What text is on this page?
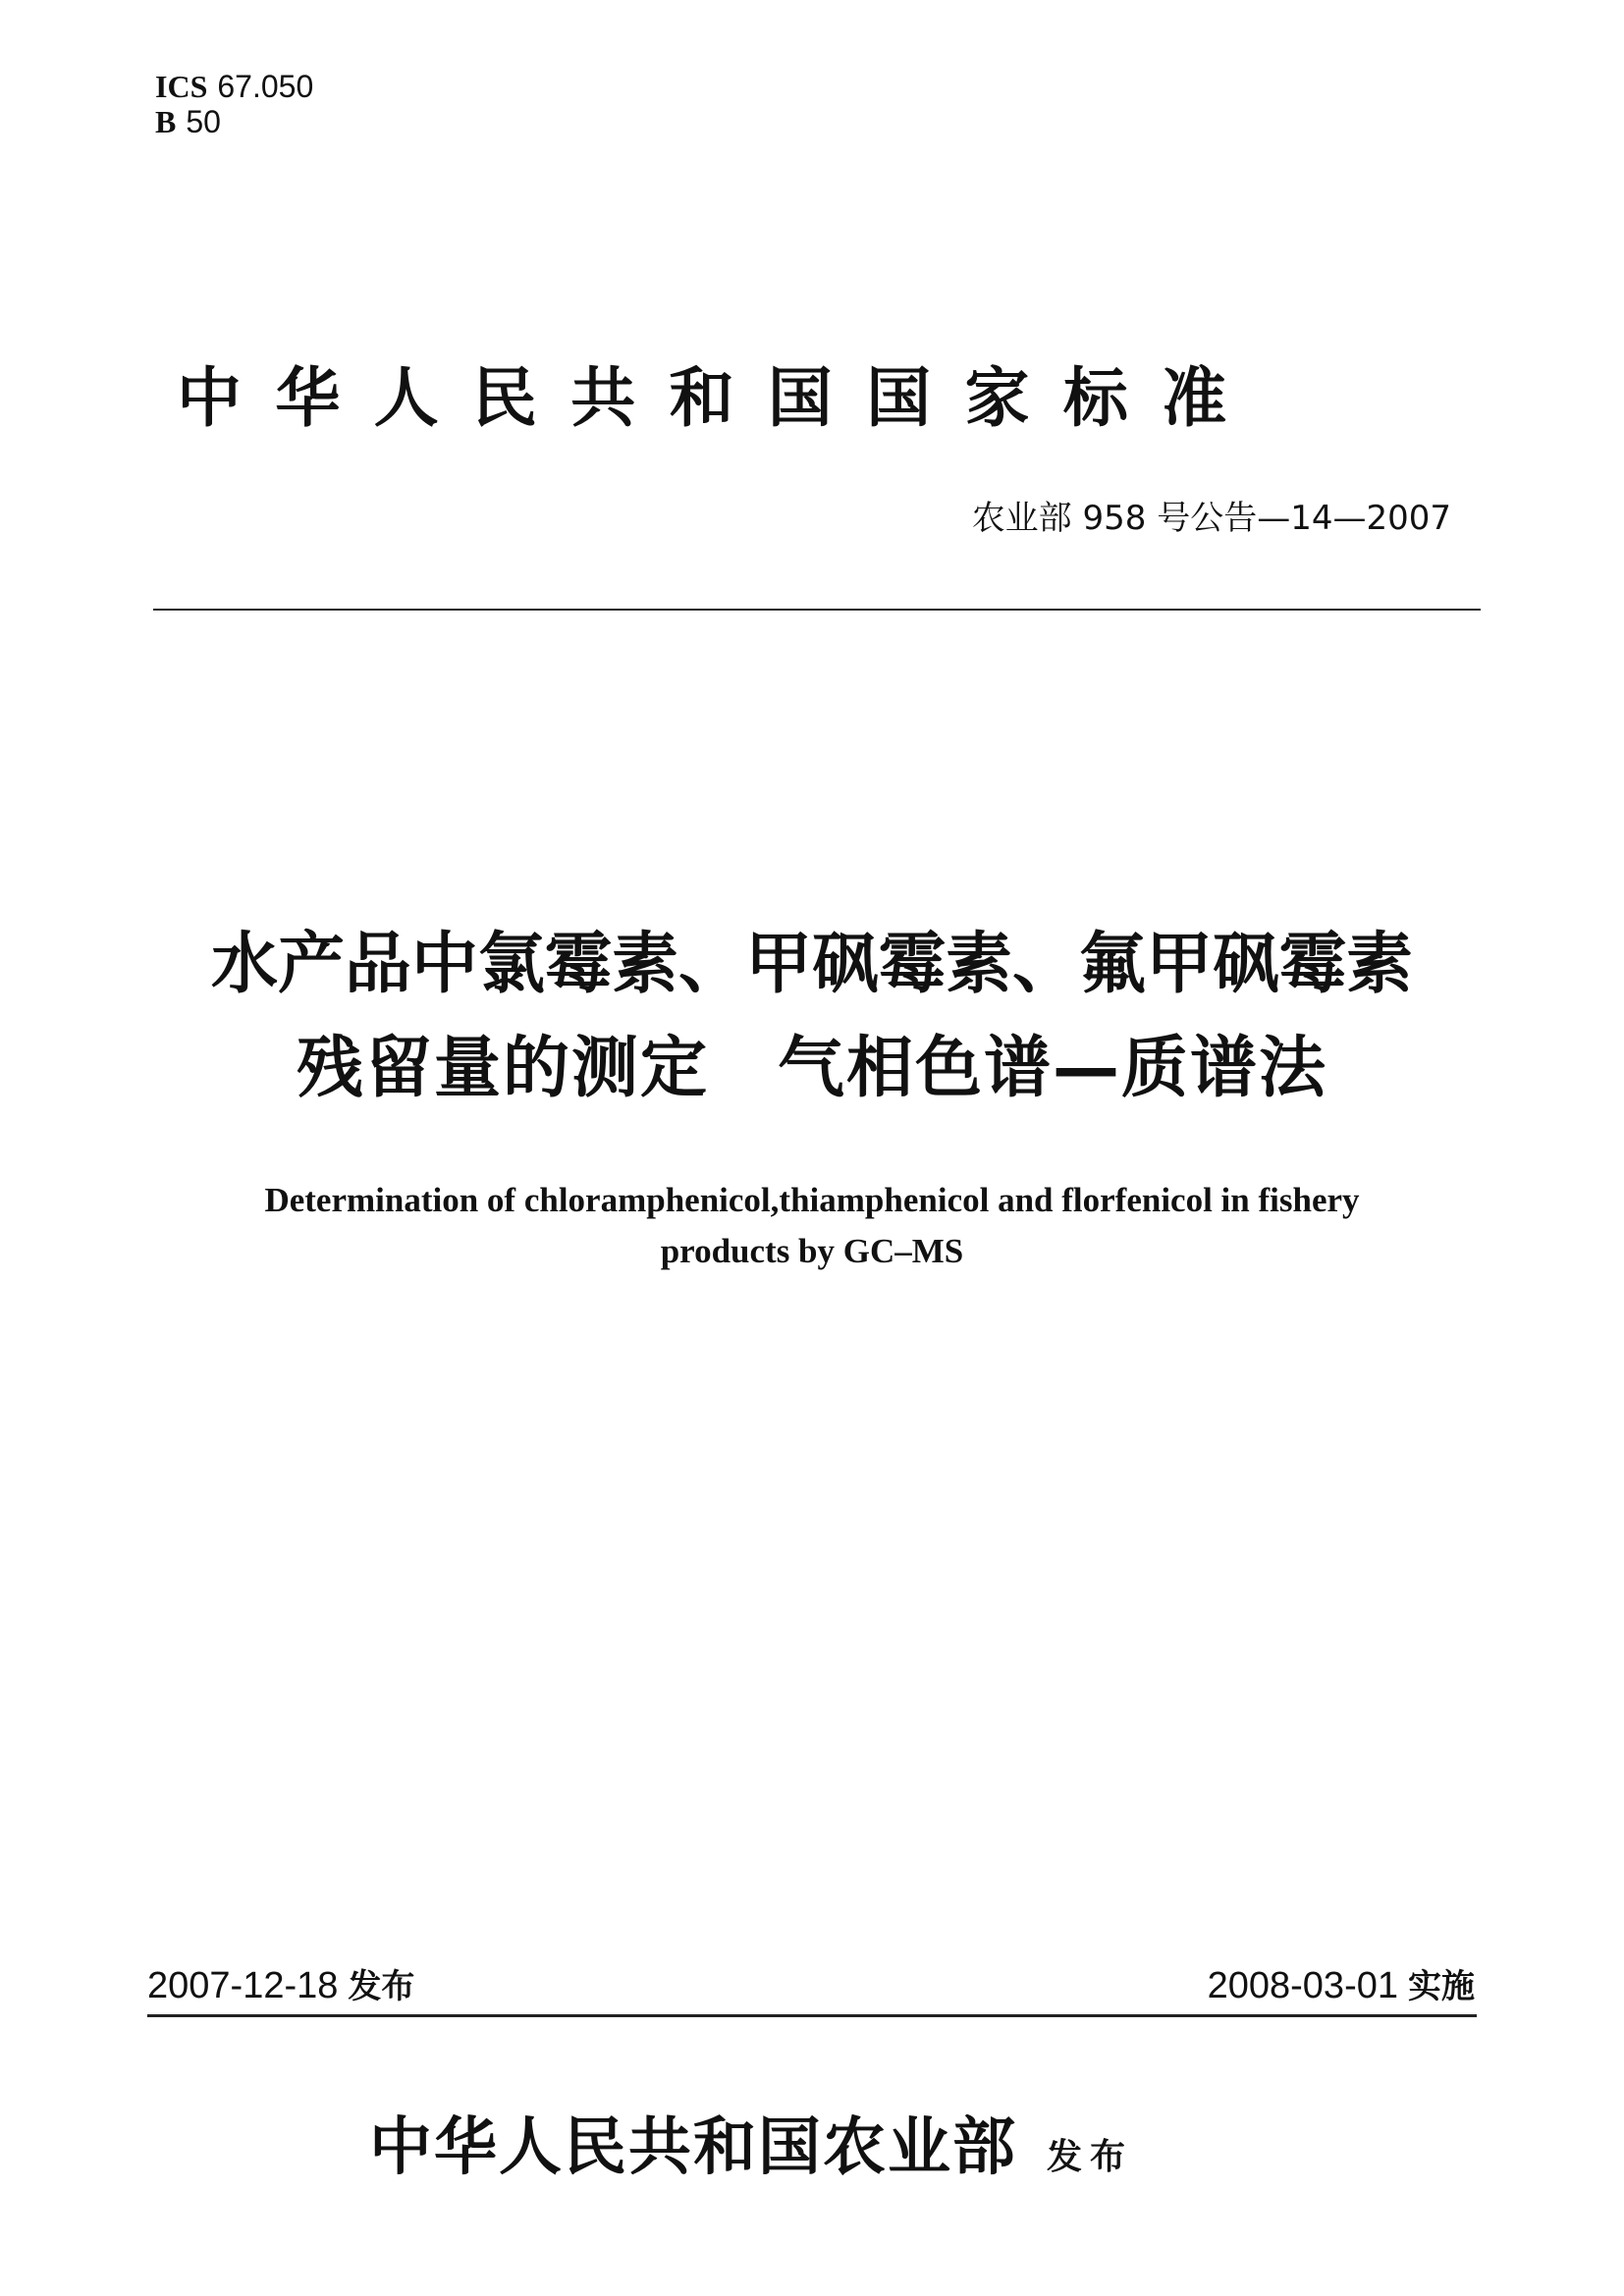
ICS 67.050
B 50
中华人民共和国国家标准
农业部 958 号公告—14—2007
水产品中氯霉素、甲砜霉素、氟甲砜霉素
残留量的测定　气相色谱—质谱法
Determination of chloramphenicol,thiamphenicol and florfenicol in fishery
products by GC–MS
2007-12-18 发布	2008-03-01 实施
中华人民共和国农业部 发布
